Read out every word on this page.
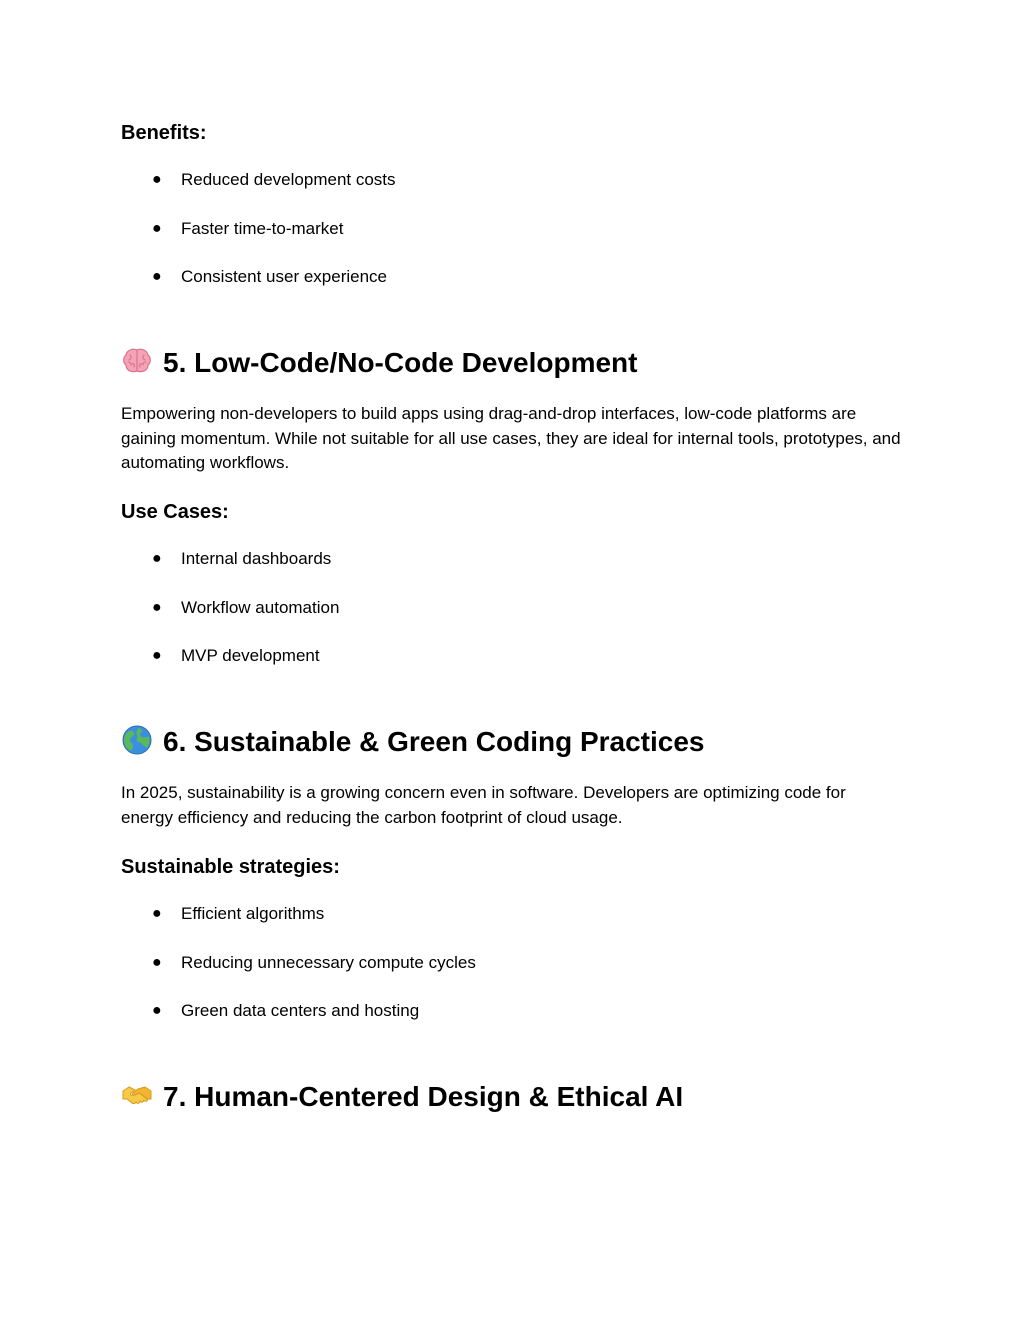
Benefits:
● Reduced development costs
● Faster time-to-market
● Consistent user experience
5. Low-Code/No-Code Development

Empowering non-developers to build apps using drag-and-drop interfaces, low-code platforms are gaining momentum. While not suitable for all use cases, they are ideal for internal tools, prototypes, and automating workflows.

Use Cases:
● Internal dashboards
● Workflow automation
● MVP development
6. Sustainable & Green Coding Practices

In 2025, sustainability is a growing concern even in software. Developers are optimizing code for energy efficiency and reducing the carbon footprint of cloud usage.

Sustainable strategies:
● Efficient algorithms
● Reducing unnecessary compute cycles
● Green data centers and hosting
7. Human-Centered Design & Ethical AI
